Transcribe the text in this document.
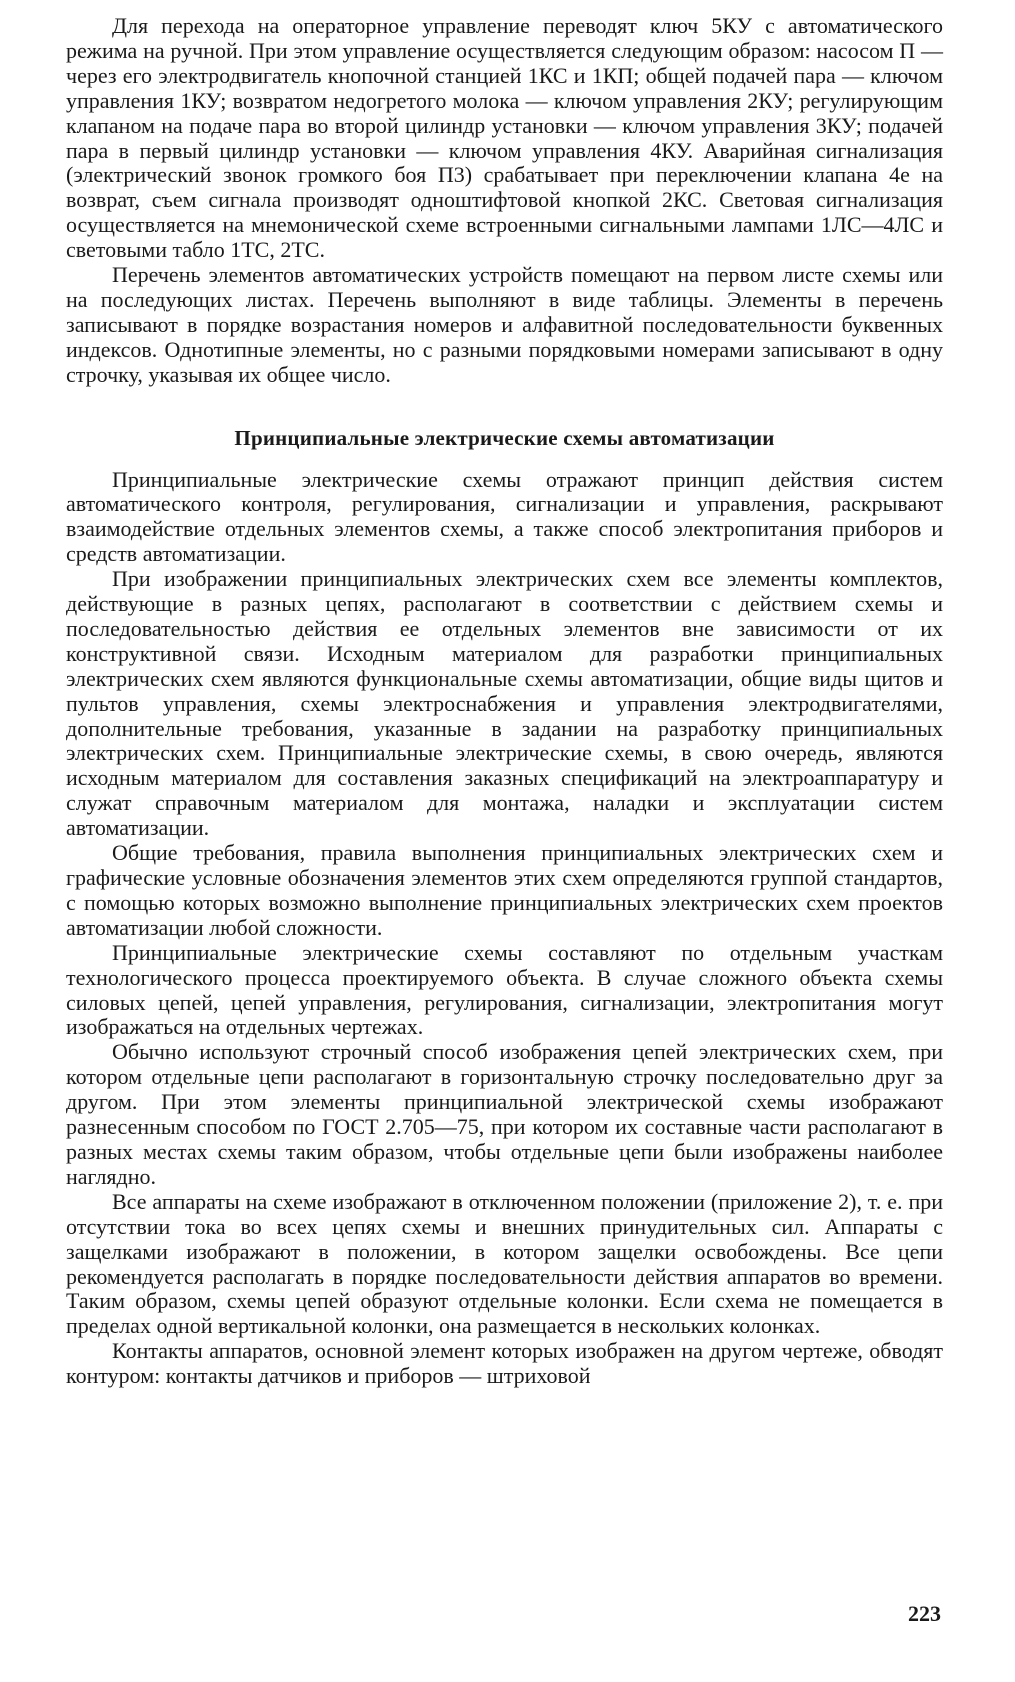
Для перехода на операторное управление переводят ключ 5КУ с автоматического режима на ручной. При этом управление осуществляется следующим образом: насосом П — через его электродвигатель кнопочной станцией 1КС и 1КП; общей подачей пара — ключом управления 1КУ; возвратом недогретого молока — ключом управления 2КУ; регулирующим клапаном на подаче пара во второй цилиндр установки — ключом управления 3КУ; подачей пара в первый цилиндр установки — ключом управления 4КУ. Аварийная сигнализация (электрический звонок громкого боя П3) срабатывает при переключении клапана 4е на возврат, съем сигнала производят одноштифтовой кнопкой 2КС. Световая сигнализация осуществляется на мнемонической схеме встроенными сигнальными лампами 1ЛС—4ЛС и световыми табло 1ТС, 2ТС.

Перечень элементов автоматических устройств помещают на первом листе схемы или на последующих листах. Перечень выполняют в виде таблицы. Элементы в перечень записывают в порядке возрастания номеров и алфавитной последовательности буквенных индексов. Однотипные элементы, но с разными порядковыми номерами записывают в одну строчку, указывая их общее число.

Принципиальные электрические схемы автоматизации

Принципиальные электрические схемы отражают принцип действия систем автоматического контроля, регулирования, сигнализации и управления, раскрывают взаимодействие отдельных элементов схемы, а также способ электропитания приборов и средств автоматизации.

При изображении принципиальных электрических схем все элементы комплектов, действующие в разных цепях, располагают в соответствии с действием схемы и последовательностью действия ее отдельных элементов вне зависимости от их конструктивной связи. Исходным материалом для разработки принципиальных электрических схем являются функциональные схемы автоматизации, общие виды щитов и пультов управления, схемы электроснабжения и управления электродвигателями, дополнительные требования, указанные в задании на разработку принципиальных электрических схем. Принципиальные электрические схемы, в свою очередь, являются исходным материалом для составления заказных спецификаций на электроаппаратуру и служат справочным материалом для монтажа, наладки и эксплуатации систем автоматизации.

Общие требования, правила выполнения принципиальных электрических схем и графические условные обозначения элементов этих схем определяются группой стандартов, с помощью которых возможно выполнение принципиальных электрических схем проектов автоматизации любой сложности.

Принципиальные электрические схемы составляют по отдельным участкам технологического процесса проектируемого объекта. В случае сложного объекта схемы силовых цепей, цепей управления, регулирования, сигнализации, электропитания могут изображаться на отдельных чертежах.

Обычно используют строчный способ изображения цепей электрических схем, при котором отдельные цепи располагают в горизонтальную строчку последовательно друг за другом. При этом элементы принципиальной электрической схемы изображают разнесенным способом по ГОСТ 2.705—75, при котором их составные части располагают в разных местах схемы таким образом, чтобы отдельные цепи были изображены наиболее наглядно.

Все аппараты на схеме изображают в отключенном положении (приложение 2), т. е. при отсутствии тока во всех цепях схемы и внешних принудительных сил. Аппараты с защелками изображают в положении, в котором защелки освобождены. Все цепи рекомендуется располагать в порядке последовательности действия аппаратов во времени. Таким образом, схемы цепей образуют отдельные колонки. Если схема не помещается в пределах одной вертикальной колонки, она размещается в нескольких колонках.

Контакты аппаратов, основной элемент которых изображен на другом чертеже, обводят контуром: контакты датчиков и приборов — штриховой

223
